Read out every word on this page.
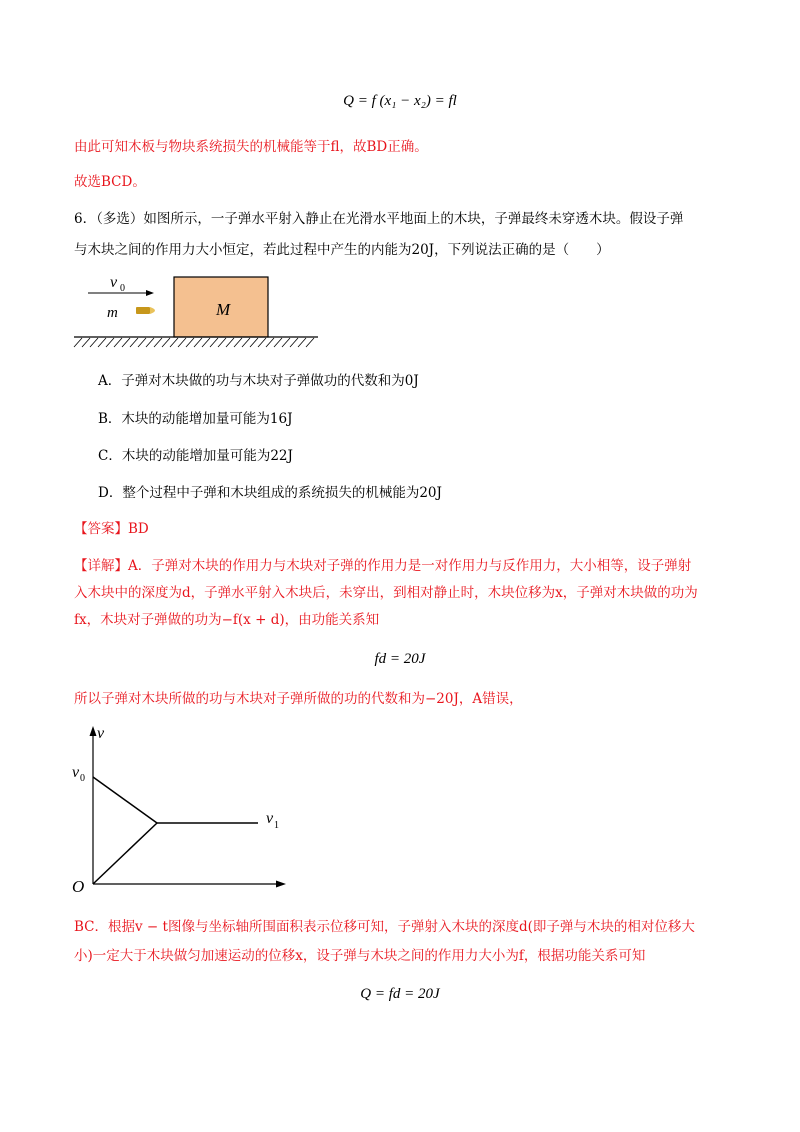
Q = f (x₁ − x₂) = fl
由此可知木板与物块系统损失的机械能等于fl，故BD正确。
故选BCD。
6．（多选）如图所示，一子弹水平射入静止在光滑水平地面上的木块，子弹最终未穿透木块。假设子弹
与木块之间的作用力大小恒定，若此过程中产生的内能为20J，下列说法正确的是（　　）
v 0
m	M
A．子弹对木块做的功与木块对子弹做功的代数和为0J
B．木块的动能增加量可能为16J
C．木块的动能增加量可能为22J
D．整个过程中子弹和木块组成的系统损失的机械能为20J
【答案】BD
【详解】A．子弹对木块的作用力与木块对子弹的作用力是一对作用力与反作用力，大小相等，设子弹射
入木块中的深度为d，子弹水平射入木块后，未穿出，到相对静止时，木块位移为x，子弹对木块做的功为
fx，木块对子弹做的功为−f(x + d)，由功能关系知
fd = 20J
所以子弹对木块所做的功与木块对子弹所做的功的代数和为−20J，A错误，
v
O
v 0
v 1
BC．根据v − t图像与坐标轴所围面积表示位移可知，子弹射入木块的深度d(即子弹与木块的相对位移大
小)一定大于木块做匀加速运动的位移x，设子弹与木块之间的作用力大小为f，根据功能关系可知
Q = fd = 20J
